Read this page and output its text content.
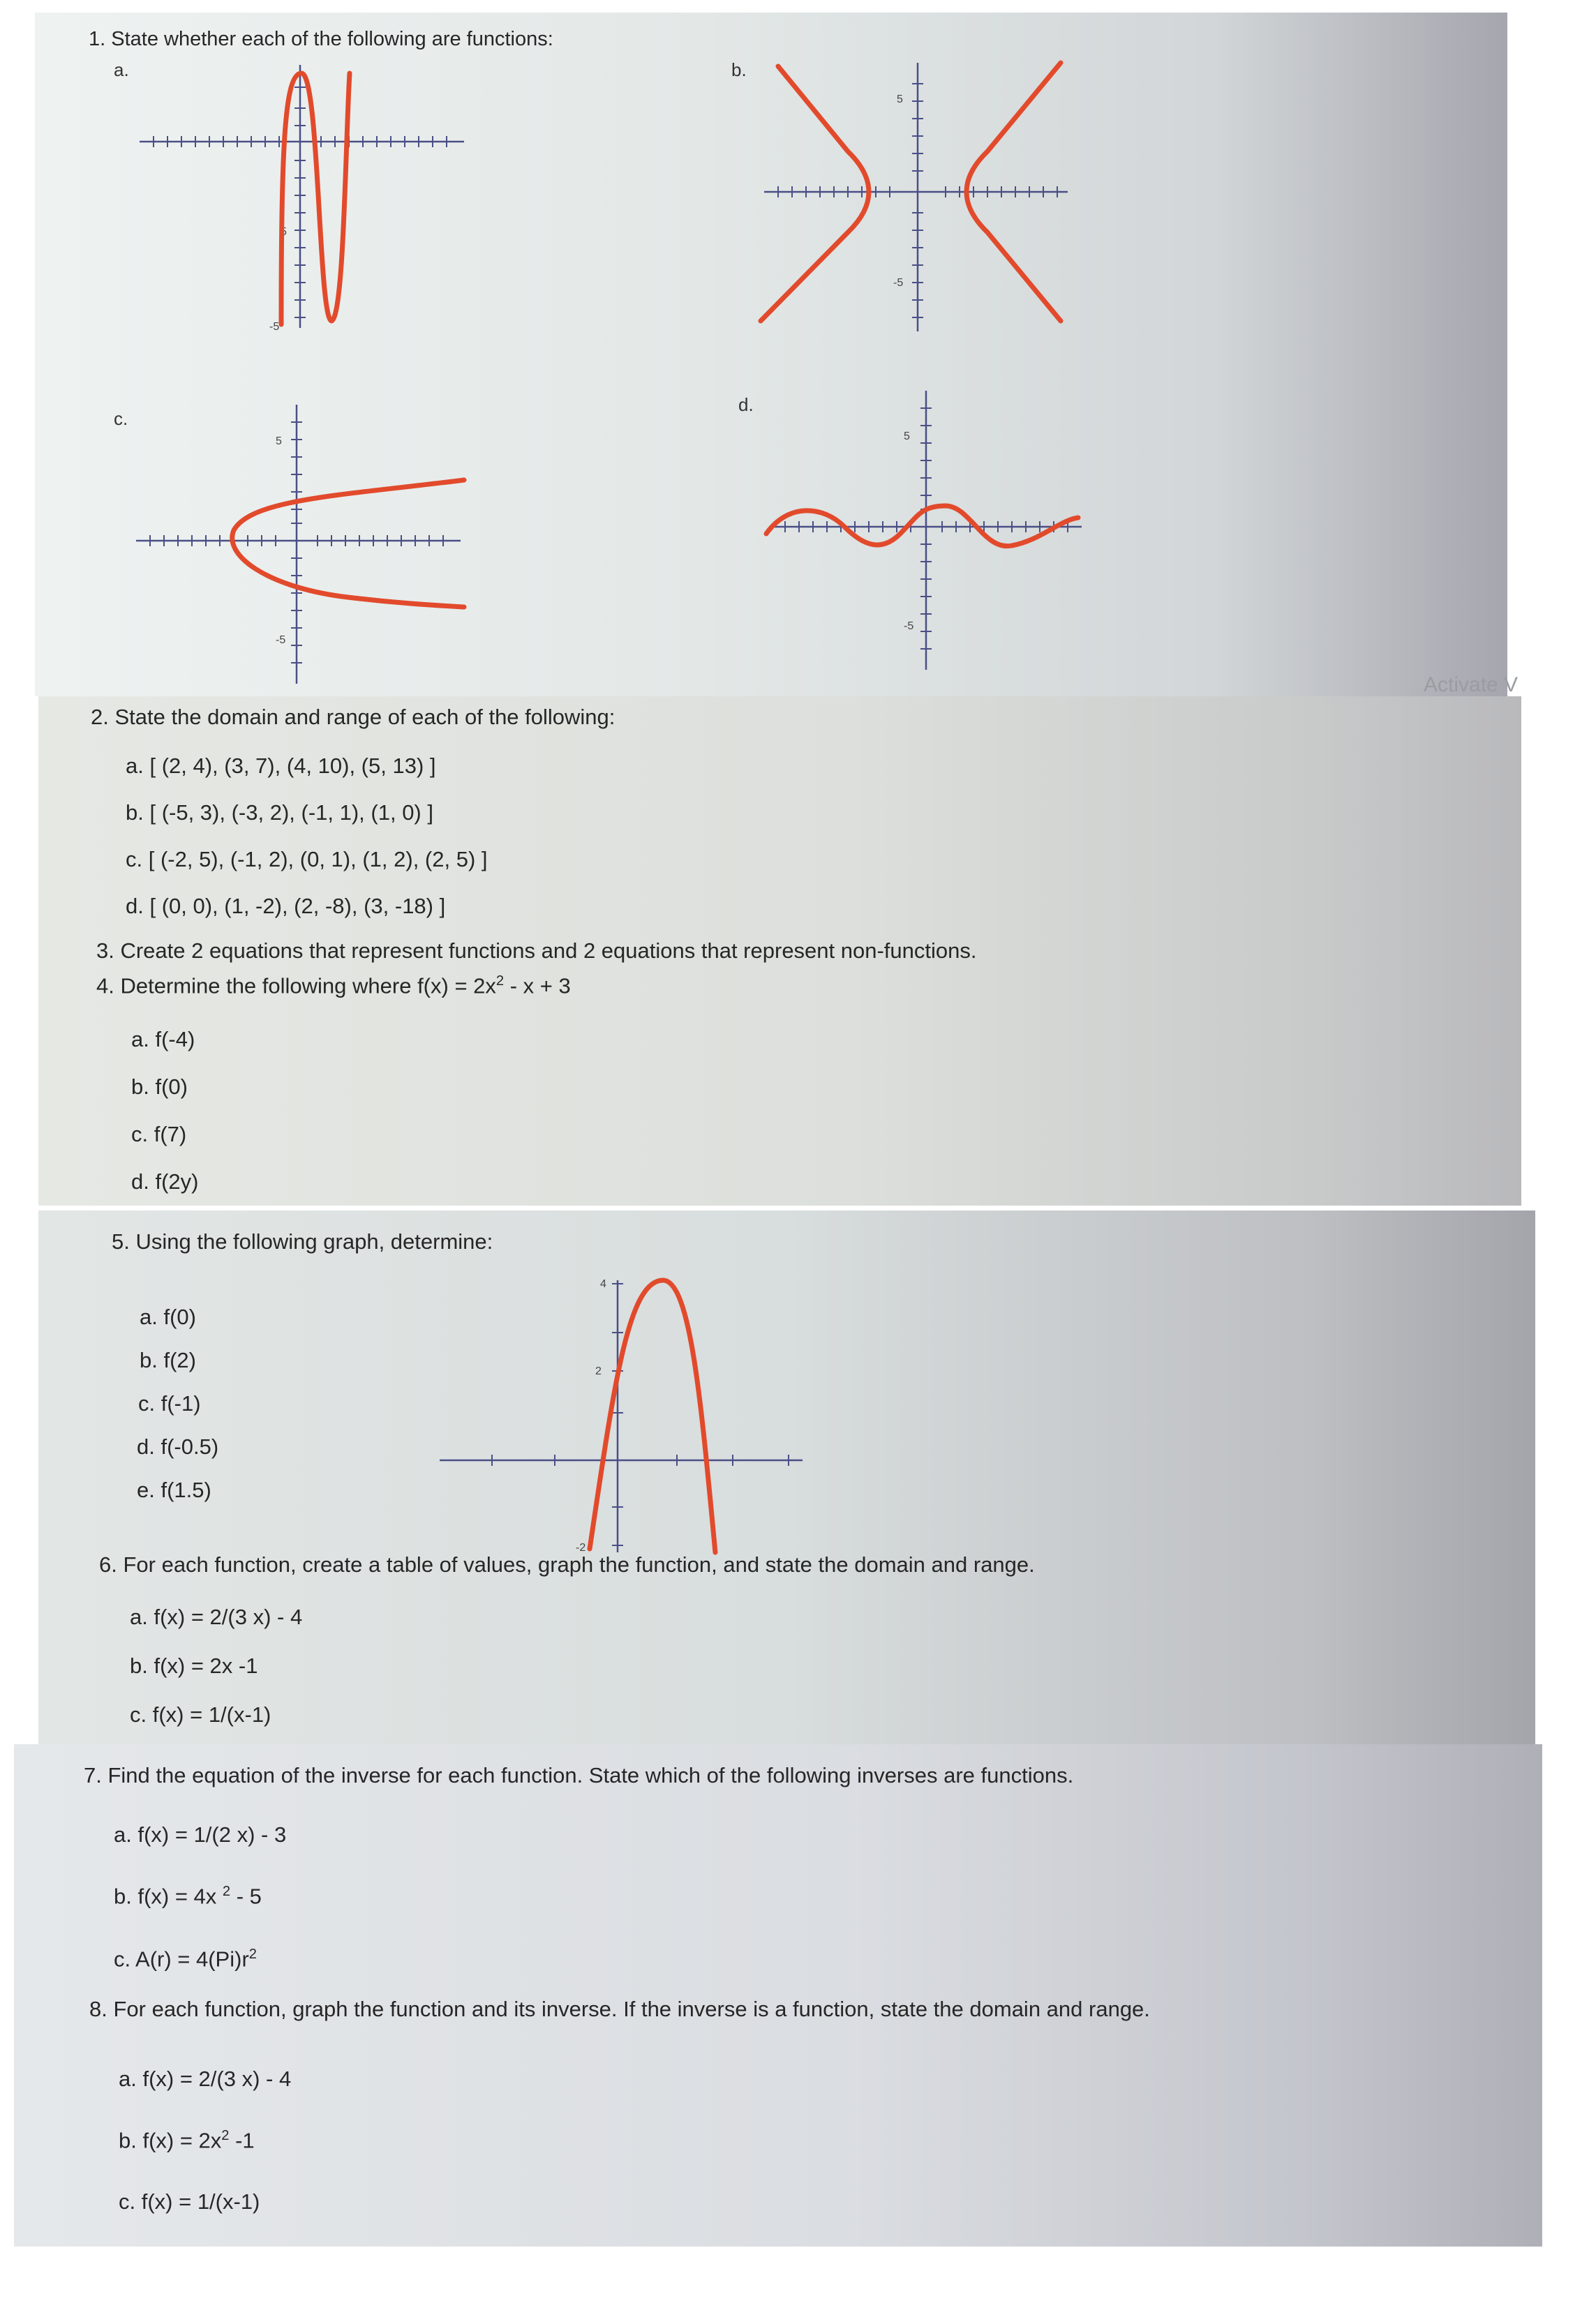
1. State whether each of the following are functions:
a.	b.
c.
d.
5
-5
5
-5
5
-5
5
-5
Activate V
2. State the domain and range of each of the following:
a. [ (2, 4), (3, 7), (4, 10), (5, 13) ]
b. [ (-5, 3), (-3, 2), (-1, 1), (1, 0) ]
c. [ (-2, 5), (-1, 2), (0, 1), (1, 2), (2, 5) ]
d. [ (0, 0), (1, -2), (2, -8), (3, -18) ]
3. Create 2 equations that represent functions and 2 equations that represent non-functions.
4. Determine the following where $f(x) = 2x^2 - x + 3$
a. f(-4)
b. f(0)
c. f(7)
d. f(2y)
5. Using the following graph, determine:
a. f(0)
b. f(2)
c. f(-1)
d. f(-0.5)
e. f(1.5)
4
2
-2
6. For each function, create a table of values, graph the function, and state the domain and range.
a. f(x) = 2/(3 x) - 4
b. f(x) = 2x -1
c. f(x) = 1/(x-1)
7. Find the equation of the inverse for each function. State which of the following inverses are functions.
a. f(x) = 1/(2 x) - 3
b. f(x) = 4x $^2$ - 5
c. $A(r) = 4(Pi)r^2$
8. For each function, graph the function and its inverse. If the inverse is a function, state the domain and range.
a. f(x) = 2/(3 x) - 4
b. $f(x) = 2x^2$ -1
c. f(x) = 1/(x-1)
